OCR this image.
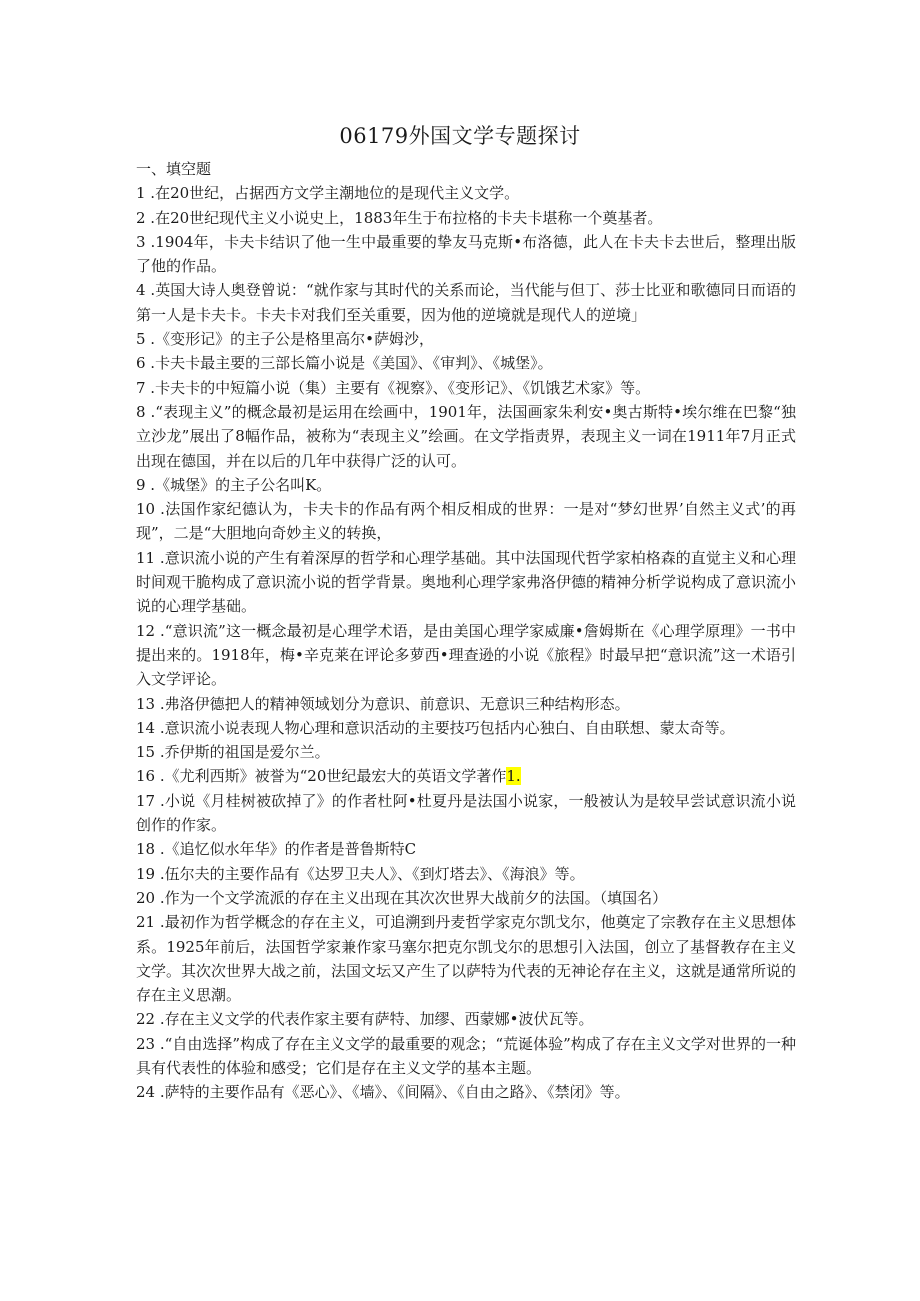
06179外国文学专题探讨

一、填空题

1 .在20世纪，占据西方文学主潮地位的是现代主义文学。

2 .在20世纪现代主义小说史上，1883年生于布拉格的卡夫卡堪称一个奠基者。

3 .1904年，卡夫卡结识了他一生中最重要的挚友马克斯•布洛德，此人在卡夫卡去世后，整理出版了他的作品。

4 .英国大诗人奥登曾说：“就作家与其时代的关系而论，当代能与但丁、莎士比亚和歌德同日而语的第一人是卡夫卡。卡夫卡对我们至关重要，因为他的逆境就是现代人的逆境」

5 .《变形记》的主子公是格里高尔•萨姆沙，

6 .卡夫卡最主要的三部长篇小说是《美国》、《审判》、《城堡》。

7 .卡夫卡的中短篇小说（集）主要有《视察》、《变形记》、《饥饿艺术家》等。

8 .“表现主义”的概念最初是运用在绘画中，1901年，法国画家朱利安•奥古斯特•埃尔维在巴黎“独立沙龙”展出了8幅作品，被称为“表现主义”绘画。在文学指责界，表现主义一词在1911年7月正式出现在德国，并在以后的几年中获得广泛的认可。

9 .《城堡》的主子公名叫K。

10 .法国作家纪德认为，卡夫卡的作品有两个相反相成的世界：一是对“梦幻世界’自然主义式’的再现”，二是“大胆地向奇妙主义的转换，

11 .意识流小说的产生有着深厚的哲学和心理学基础。其中法国现代哲学家柏格森的直觉主义和心理时间观干脆构成了意识流小说的哲学背景。奥地利心理学家弗洛伊德的精神分析学说构成了意识流小说的心理学基础。

12 .“意识流”这一概念最初是心理学术语，是由美国心理学家威廉•詹姆斯在《心理学原理》一书中提出来的。1918年，梅•辛克莱在评论多萝西•理查逊的小说《旅程》时最早把“意识流”这一术语引入文学评论。

13 .弗洛伊德把人的精神领域划分为意识、前意识、无意识三种结构形态。

14 .意识流小说表现人物心理和意识活动的主要技巧包括内心独白、自由联想、蒙太奇等。

15 .乔伊斯的祖国是爱尔兰。

16 .《尤利西斯》被誉为“20世纪最宏大的英语文学著作1.

17 .小说《月桂树被砍掉了》的作者杜阿•杜夏丹是法国小说家，一般被认为是较早尝试意识流小说创作的作家。

18 .《追忆似水年华》的作者是普鲁斯特C

19 .伍尔夫的主要作品有《达罗卫夫人》、《到灯塔去》、《海浪》等。

20 .作为一个文学流派的存在主义出现在其次次世界大战前夕的法国。（填国名）

21 .最初作为哲学概念的存在主义，可追溯到丹麦哲学家克尔凯戈尔，他奠定了宗教存在主义思想体系。1925年前后，法国哲学家兼作家马塞尔把克尔凯戈尔的思想引入法国，创立了基督教存在主义文学。其次次世界大战之前，法国文坛又产生了以萨特为代表的无神论存在主义，这就是通常所说的存在主义思潮。

22 .存在主义文学的代表作家主要有萨特、加缪、西蒙娜•波伏瓦等。

23 .“自由选择”构成了存在主义文学的最重要的观念；“荒诞体验”构成了存在主义文学对世界的一种具有代表性的体验和感受；它们是存在主义文学的基本主题。

24 .萨特的主要作品有《恶心》、《墙》、《间隔》、《自由之路》、《禁闭》等。
